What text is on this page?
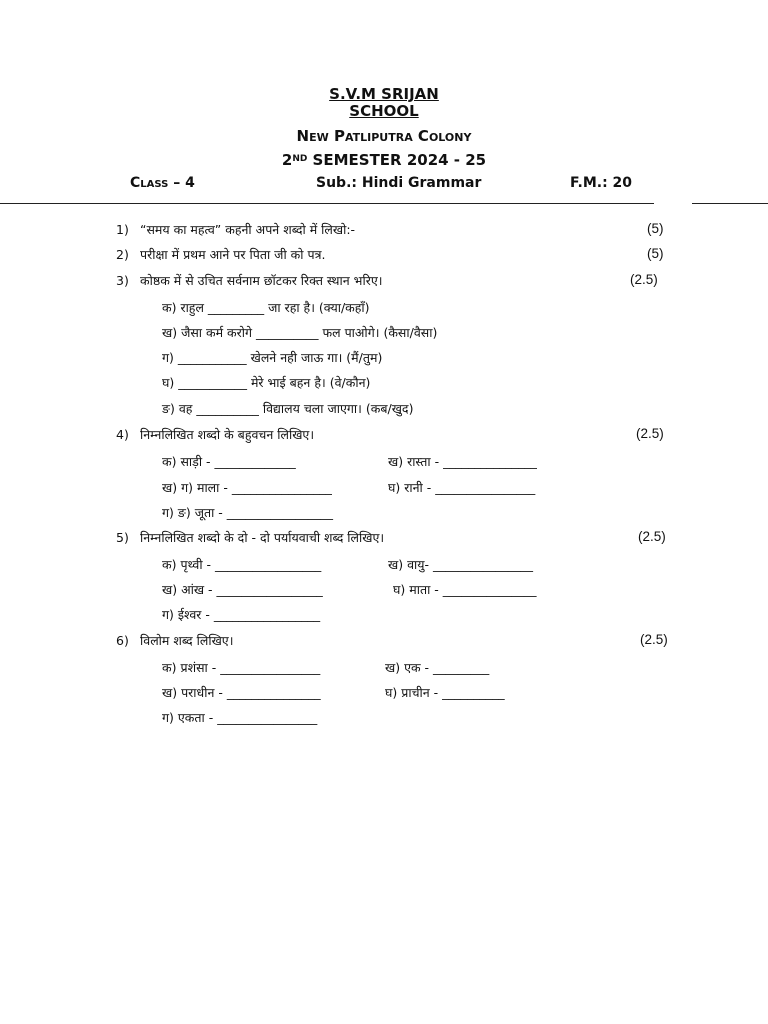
S.V.M SRIJAN
SCHOOL
New Patliputra Colony
2ND SEMESTER 2024 - 25
Class – 4	Sub.: Hindi Grammar	F.M.: 20
1) “समय का महत्व” कहनी अपने शब्दो में लिखो:-	(5)
2) परीक्षा में प्रथम आने पर पिता जी को पत्र.	(5)
3) कोष्ठक में से उचित सर्वनाम छॉटकर रिक्त स्थान भरिए।	(2.5)
क) राहुल _________ जा रहा है। (क्या/कहाँ)
ख) जैसा कर्म करोगे __________ फल पाओगे। (कैसा/वैसा)
ग) ___________ खेलने नही जाऊ गा। (मैं/तुम)
घ) ___________ मेरे भाई बहन है। (वे/कौन)
ङ) वह __________ विद्यालय चला जाएगा। (कब/खुद)
4) निम्नलिखित शब्दो के बहुवचन लिखिए।	(2.5)
क) साड़ी - _____________	ख) रास्ता - _______________
ख) ग) माला - ________________	घ) रानी - ________________
ग) ङ) जूता - _________________
5) निम्नलिखित शब्दो के दो - दो पर्यायवाची शब्द लिखिए।	(2.5)
क) पृथ्वी - _________________	ख) वायु- ________________
ख) आंख - _________________	घ) माता - _______________
ग) ईश्वर - _________________
6) विलोम शब्द लिखिए।	(2.5)
क) प्रशंसा - ________________	ख) एक - _________
ख) पराधीन - _______________	घ) प्राचीन - __________
ग) एकता - ________________
